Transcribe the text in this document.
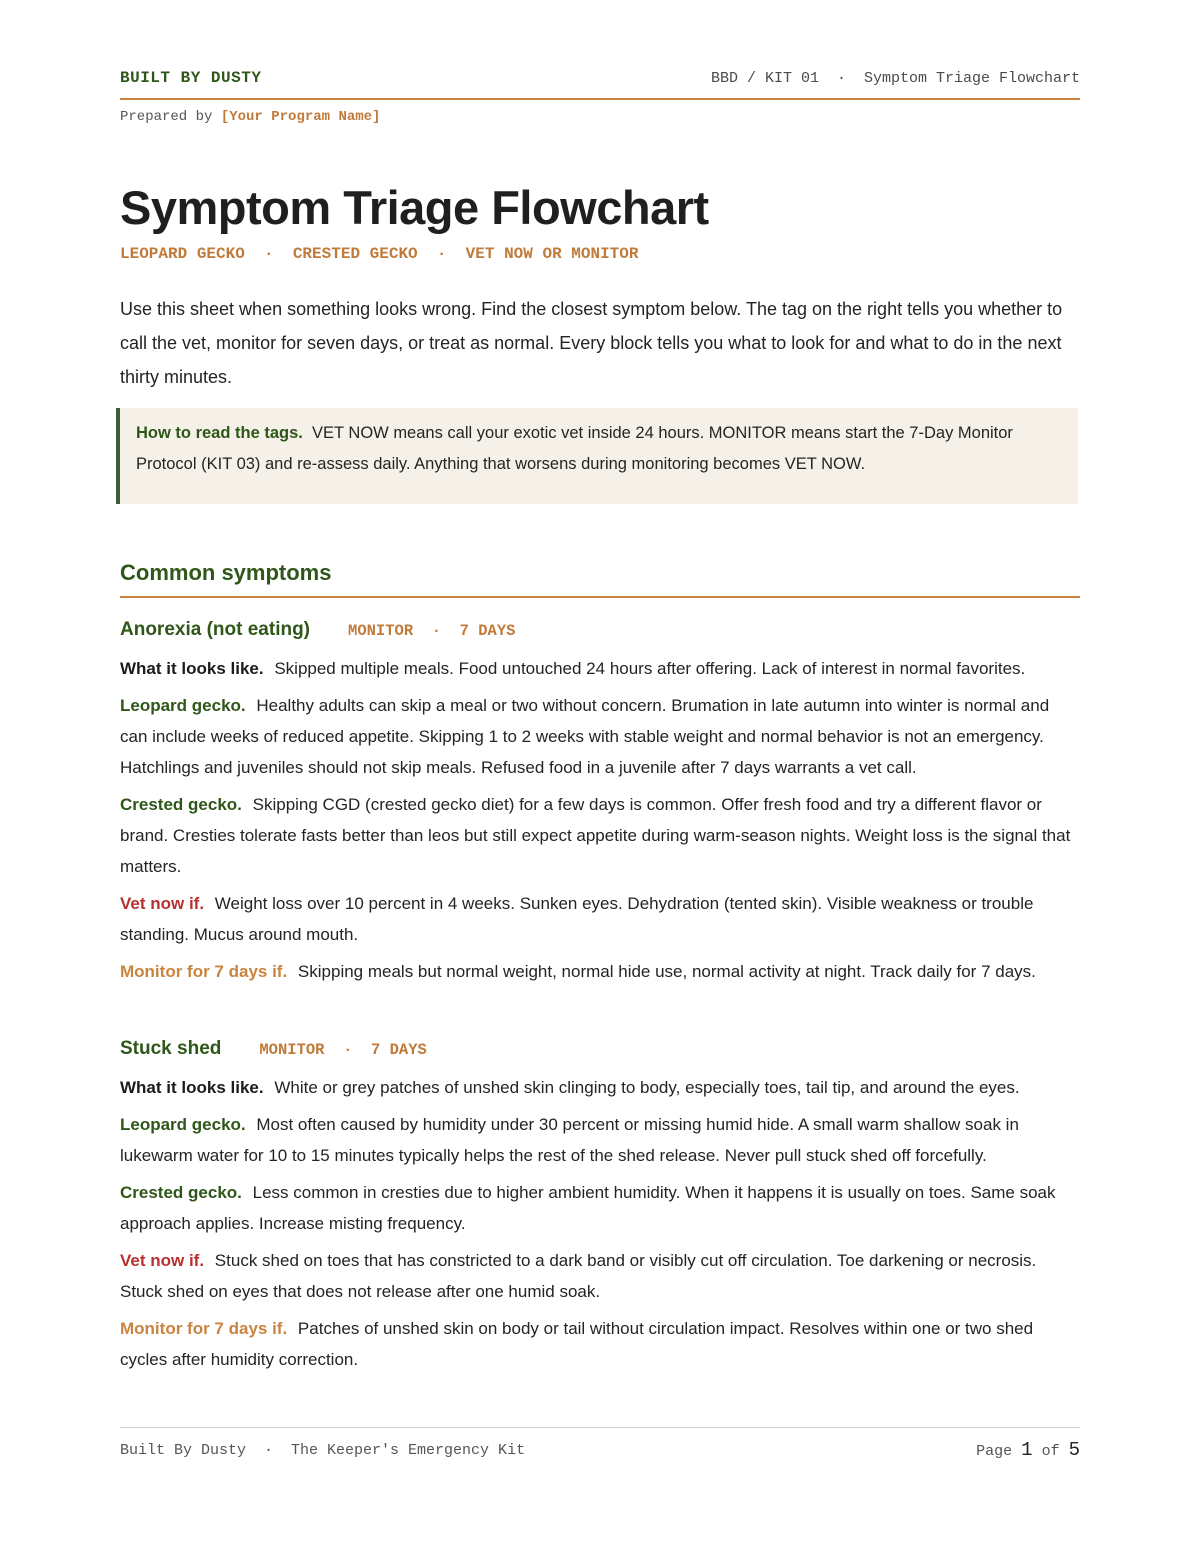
BUILT BY DUSTY	BBD / KIT 01  ·  Symptom Triage Flowchart
Prepared by [Your Program Name]
Symptom Triage Flowchart
LEOPARD GECKO  ·  CRESTED GECKO  ·  VET NOW OR MONITOR

Use this sheet when something looks wrong. Find the closest symptom below. The tag on the right tells you whether to call the vet, monitor for seven days, or treat as normal. Every block tells you what to look for and what to do in the next thirty minutes.

How to read the tags. VET NOW means call your exotic vet inside 24 hours. MONITOR means start the 7-Day Monitor Protocol (KIT 03) and re-assess daily. Anything that worsens during monitoring becomes VET NOW.

Common symptoms
Anorexia (not eating) MONITOR  ·  7 DAYS

What it looks like. Skipped multiple meals. Food untouched 24 hours after offering. Lack of interest in normal favorites.

Leopard gecko. Healthy adults can skip a meal or two without concern. Brumation in late autumn into winter is normal and can include weeks of reduced appetite. Skipping 1 to 2 weeks with stable weight and normal behavior is not an emergency. Hatchlings and juveniles should not skip meals. Refused food in a juvenile after 7 days warrants a vet call.

Crested gecko. Skipping CGD (crested gecko diet) for a few days is common. Offer fresh food and try a different flavor or brand. Cresties tolerate fasts better than leos but still expect appetite during warm-season nights. Weight loss is the signal that matters.

Vet now if. Weight loss over 10 percent in 4 weeks. Sunken eyes. Dehydration (tented skin). Visible weakness or trouble standing. Mucus around mouth.

Monitor for 7 days if. Skipping meals but normal weight, normal hide use, normal activity at night. Track daily for 7 days.

Stuck shed MONITOR  ·  7 DAYS

What it looks like. White or grey patches of unshed skin clinging to body, especially toes, tail tip, and around the eyes.

Leopard gecko. Most often caused by humidity under 30 percent or missing humid hide. A small warm shallow soak in lukewarm water for 10 to 15 minutes typically helps the rest of the shed release. Never pull stuck shed off forcefully.

Crested gecko. Less common in cresties due to higher ambient humidity. When it happens it is usually on toes. Same soak approach applies. Increase misting frequency.

Vet now if. Stuck shed on toes that has constricted to a dark band or visibly cut off circulation. Toe darkening or necrosis. Stuck shed on eyes that does not release after one humid soak.

Monitor for 7 days if. Patches of unshed skin on body or tail without circulation impact. Resolves within one or two shed cycles after humidity correction.

Built By Dusty  ·  The Keeper's Emergency Kit	Page 1 of 5
